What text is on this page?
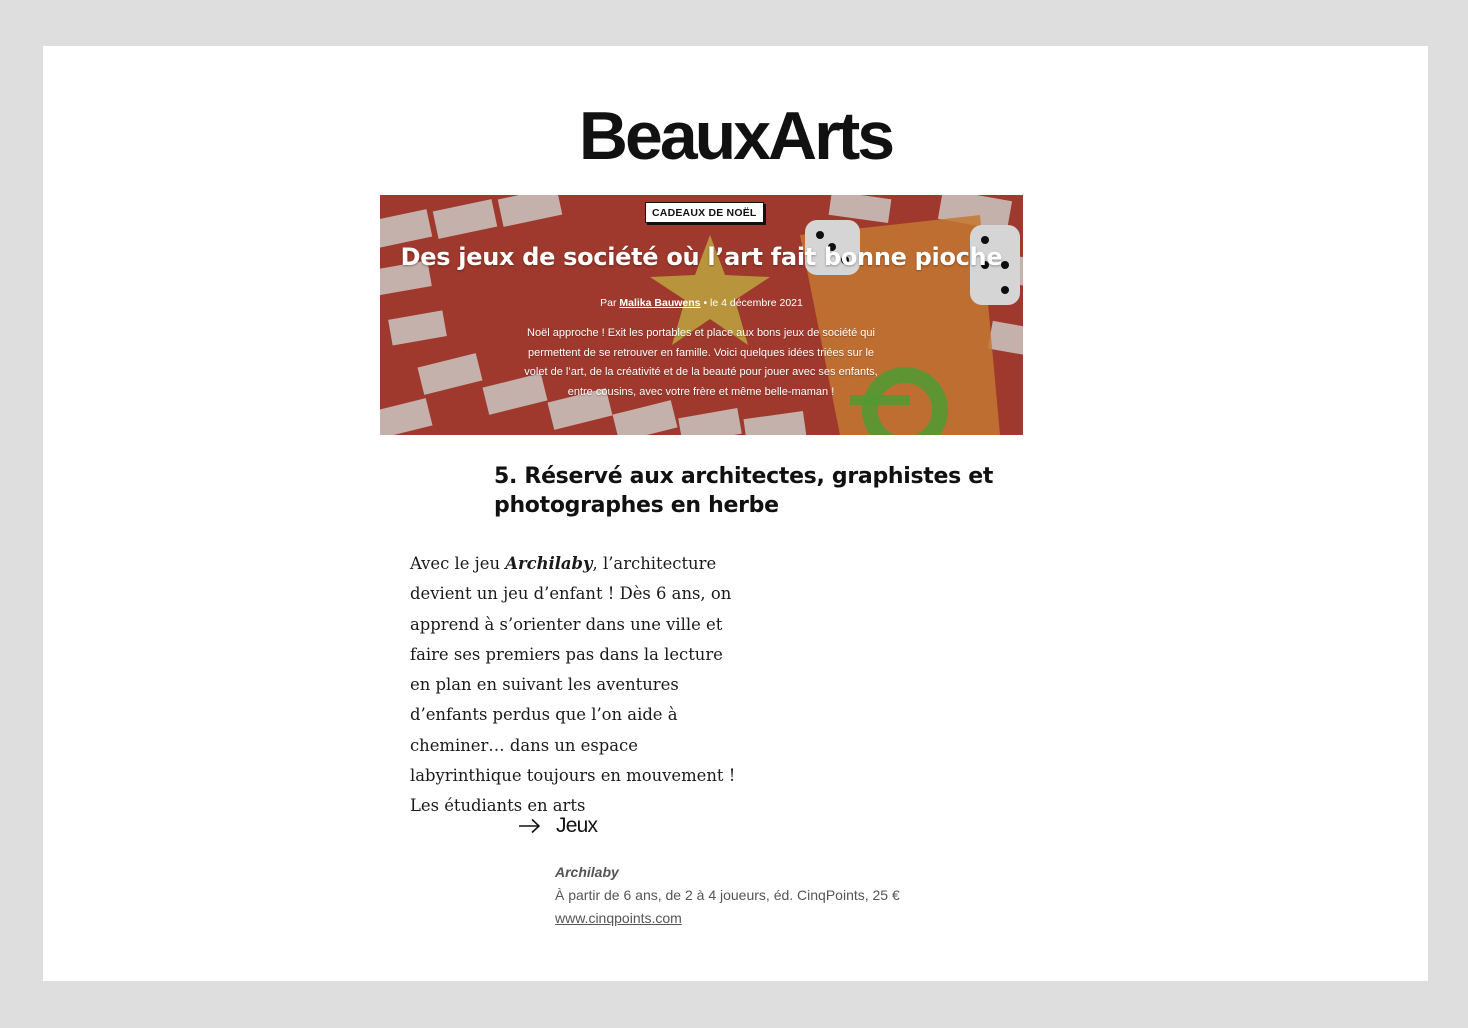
BeauxArts
CADEAUX DE NOËL
Des jeux de société où l’art fait bonne pioche
Par Malika Bauwens • le 4 décembre 2021
Noël approche ! Exit les portables et place aux bons jeux de société qui permettent de se retrouver en famille. Voici quelques idées triées sur le volet de l’art, de la créativité et de la beauté pour jouer avec ses enfants, entre cousins, avec votre frère et même belle-maman !
5. Réservé aux architectes, graphistes et photographes en herbe
Avec le jeu Archilaby, l’architecture devient un jeu d’enfant ! Dès 6 ans, on apprend à s’orienter dans une ville et faire ses premiers pas dans la lecture en plan en suivant les aventures d’enfants perdus que l’on aide à cheminer… dans un espace labyrinthique toujours en mouvement ! Les étudiants en arts
Jeux
Archilaby
À partir de 6 ans, de 2 à 4 joueurs, éd. CinqPoints, 25 €
www.cinqpoints.com
